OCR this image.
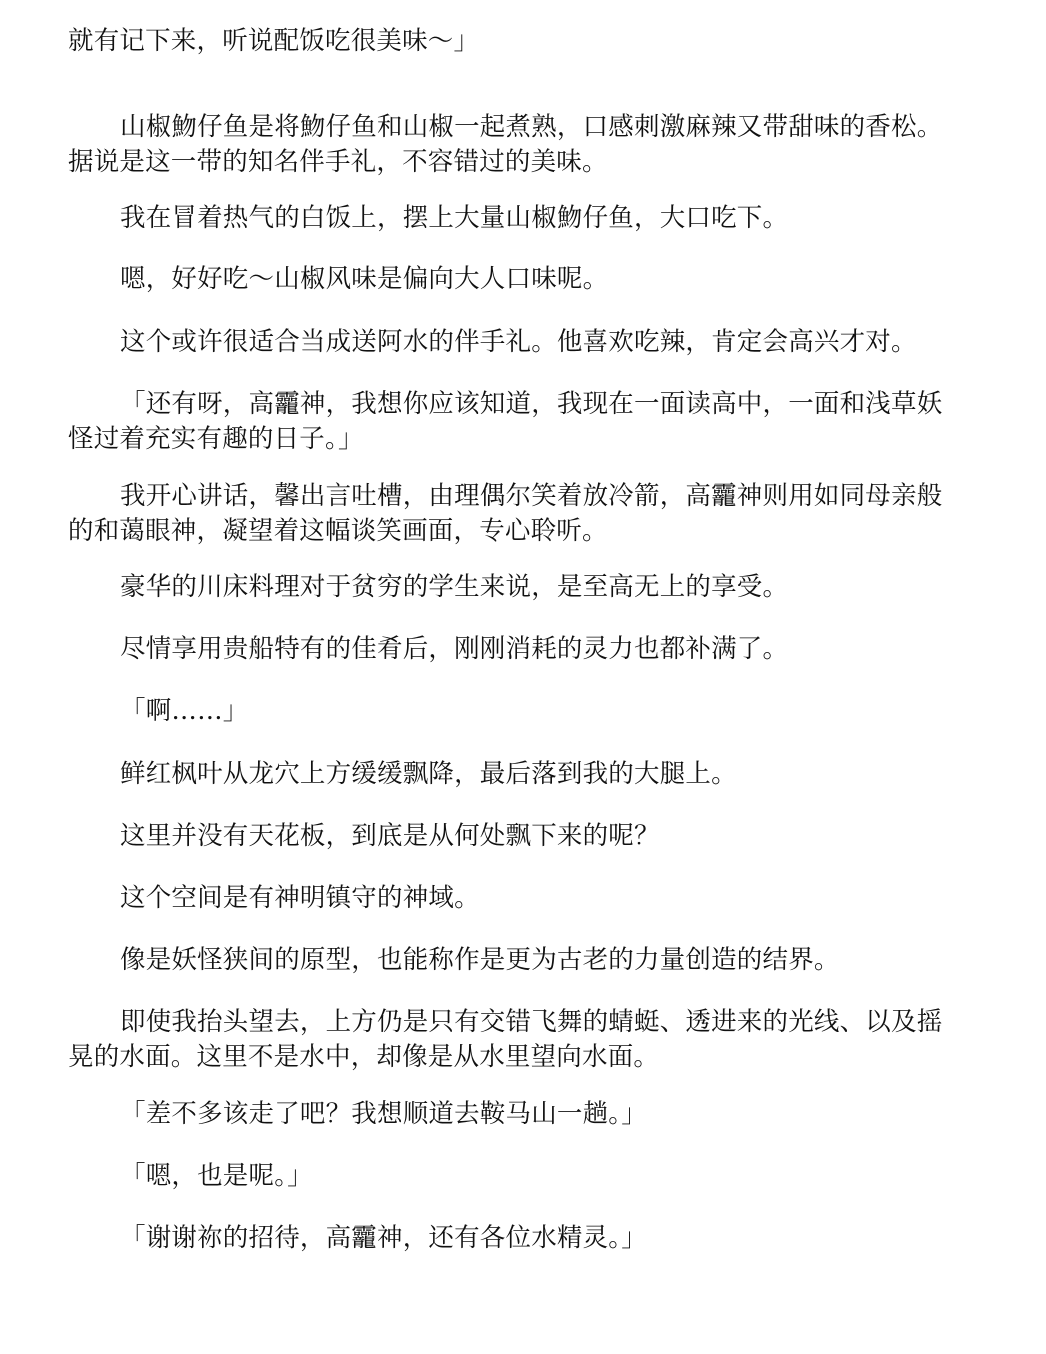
就有记下来，听说配饭吃很美味～」
山椒魩仔鱼是将魩仔鱼和山椒一起煮熟，口感刺激麻辣又带甜味的香松。
据说是这一带的知名伴手礼，不容错过的美味。
我在冒着热气的白饭上，摆上大量山椒魩仔鱼，大口吃下。
嗯，好好吃～山椒风味是偏向大人口味呢。
这个或许很适合当成送阿水的伴手礼。他喜欢吃辣，肯定会高兴才对。
「还有呀，高龗神，我想你应该知道，我现在一面读高中，一面和浅草妖
怪过着充实有趣的日子。」
我开心讲话，馨出言吐槽，由理偶尔笑着放冷箭，高龗神则用如同母亲般
的和蔼眼神，凝望着这幅谈笑画面，专心聆听。
豪华的川床料理对于贫穷的学生来说，是至高无上的享受。
尽情享用贵船特有的佳肴后，刚刚消耗的灵力也都补满了。
「啊……」
鲜红枫叶从龙穴上方缓缓飘降，最后落到我的大腿上。
这里并没有天花板，到底是从何处飘下来的呢？
这个空间是有神明镇守的神域。
像是妖怪狭间的原型，也能称作是更为古老的力量创造的结界。
即使我抬头望去，上方仍是只有交错飞舞的蜻蜓、透进来的光线、以及摇
晃的水面。这里不是水中，却像是从水里望向水面。
「差不多该走了吧？我想顺道去鞍马山一趟。」
「嗯，也是呢。」
「谢谢祢的招待，高龗神，还有各位水精灵。」
